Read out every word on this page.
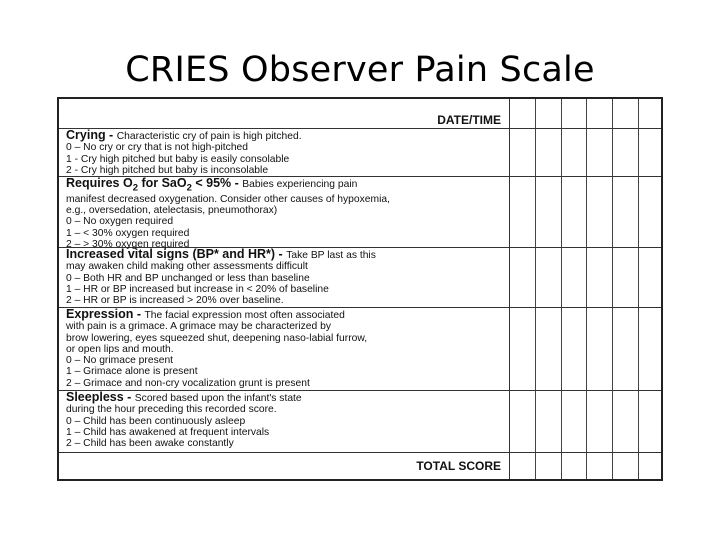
CRIES Observer Pain Scale
DATE/TIME
Crying - Characteristic cry of pain is high pitched.
0 – No cry or cry that is not high-pitched
1 - Cry high pitched but baby is easily consolable
2 - Cry high pitched but baby is inconsolable
Requires $O_2$ for SaO$_2$ < 95% - Babies experiencing pain
manifest decreased oxygenation. Consider other causes of hypoxemia,
e.g., oversedation, atelectasis, pneumothorax)
0 – No oxygen required
1 – < 30% oxygen required
2 – > 30% oxygen required
Increased vital signs (BP* and HR*) - Take BP last as this
may awaken child making other assessments difficult
0 – Both HR and BP unchanged or less than baseline
1 – HR or BP increased but increase in < 20% of baseline
2 – HR or BP is increased > 20% over baseline.
Expression - The facial expression most often associated
with pain is a grimace. A grimace may be characterized by
brow lowering, eyes squeezed shut, deepening naso-labial furrow,
or open lips and mouth.
0 – No grimace present
1 – Grimace alone is present
2 – Grimace and non-cry vocalization grunt is present
Sleepless - Scored based upon the infant's state
during the hour preceding this recorded score.
0 – Child has been continuously asleep
1 – Child has awakened at frequent intervals
2 – Child has been awake constantly
TOTAL SCORE
